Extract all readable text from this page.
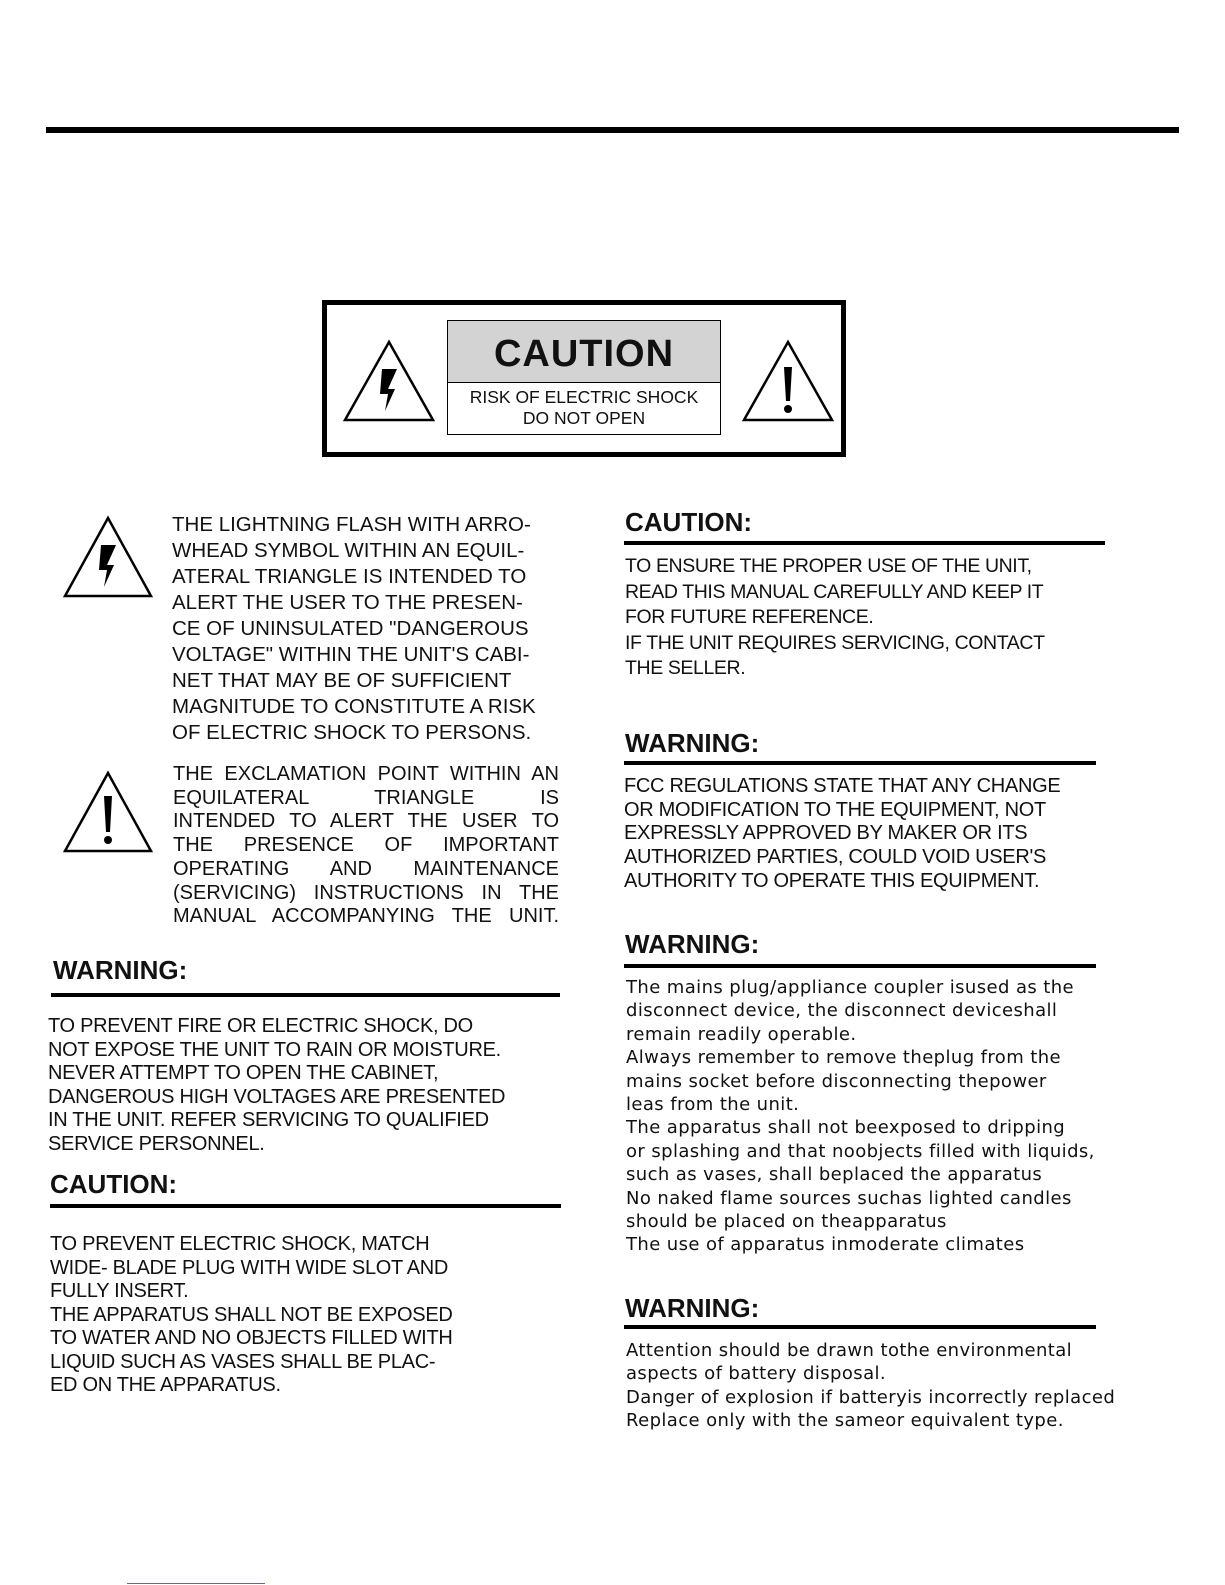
CAUTION
RISK OF ELECTRIC SHOCK
DO NOT OPEN
THE LIGHTNING FLASH WITH ARRO-
WHEAD SYMBOL WITHIN AN EQUIL-
ATERAL TRIANGLE IS INTENDED TO
ALERT THE USER TO THE PRESEN-
CE OF UNINSULATED "DANGEROUS
VOLTAGE" WITHIN THE UNIT'S CABI-
NET THAT MAY BE OF SUFFICIENT
MAGNITUDE TO CONSTITUTE A RISK
OF ELECTRIC SHOCK TO PERSONS.
THE EXCLAMATION POINT WITHIN AN
EQUILATERAL TRIANGLE IS
INTENDED TO ALERT THE USER TO
THE PRESENCE OF IMPORTANT
OPERATING AND MAINTENANCE
(SERVICING) INSTRUCTIONS IN THE
MANUAL ACCOMPANYING THE UNIT.
WARNING:
TO PREVENT FIRE OR ELECTRIC SHOCK, DO
NOT EXPOSE THE UNIT TO RAIN OR MOISTURE.
NEVER ATTEMPT TO OPEN THE CABINET,
DANGEROUS HIGH VOLTAGES ARE PRESENTED
IN THE UNIT. REFER SERVICING TO QUALIFIED
SERVICE PERSONNEL.
CAUTION:
TO PREVENT ELECTRIC SHOCK, MATCH
WIDE- BLADE PLUG WITH WIDE SLOT AND
FULLY INSERT.
THE APPARATUS SHALL NOT BE EXPOSED
TO WATER AND NO OBJECTS FILLED WITH
LIQUID SUCH AS VASES SHALL BE PLAC-
ED ON THE APPARATUS.
CAUTION:
TO ENSURE THE PROPER USE OF THE UNIT,
READ THIS MANUAL CAREFULLY AND KEEP IT
FOR FUTURE REFERENCE.
IF THE UNIT REQUIRES SERVICING, CONTACT
THE SELLER.
WARNING:
FCC REGULATIONS STATE THAT ANY CHANGE
OR MODIFICATION TO THE EQUIPMENT, NOT
EXPRESSLY APPROVED BY MAKER OR ITS
AUTHORIZED PARTIES, COULD VOID USER'S
AUTHORITY TO OPERATE THIS EQUIPMENT.
WARNING:
The mains plug/appliance coupler isused as the
disconnect device, the disconnect deviceshall
remain readily operable.
Always remember to remove theplug from the
mains socket before disconnecting thepower
leas from the unit.
The apparatus shall not beexposed to dripping
or splashing and that noobjects filled with liquids,
such as vases, shall beplaced the apparatus
No naked flame sources suchas lighted candles
should be placed on theapparatus
The use of apparatus inmoderate climates
WARNING:
Attention should be drawn tothe environmental
aspects of battery disposal.
Danger of explosion if batteryis incorrectly replaced
Replace only with the sameor equivalent type.
